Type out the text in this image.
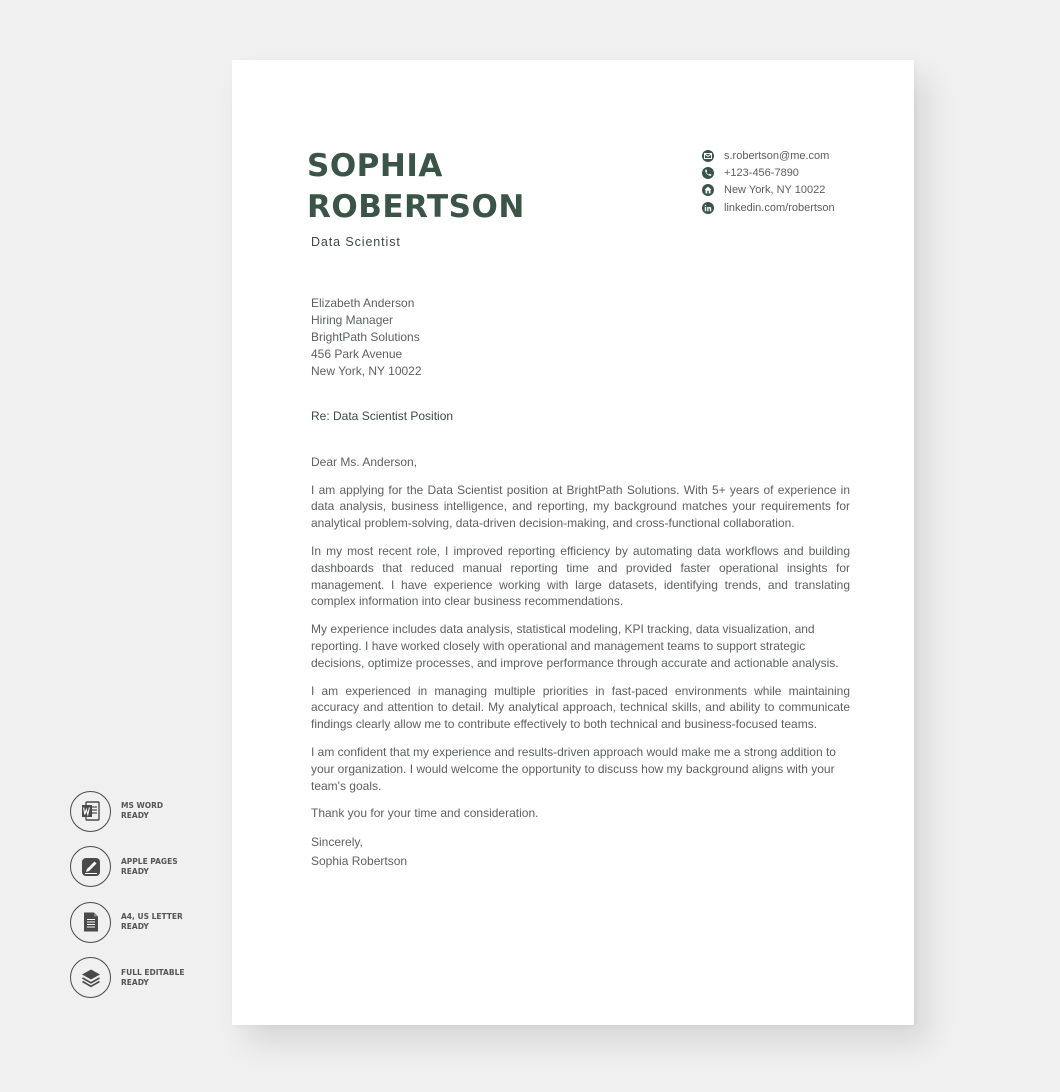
SOPHIA
ROBERTSON
Data Scientist
s.robertson@me.com
+123-456-7890
New York, NY 10022
linkedin.com/robertson
Elizabeth Anderson
Hiring Manager
BrightPath Solutions
456 Park Avenue
New York, NY 10022
Re: Data Scientist Position
Dear Ms. Anderson,
I am applying for the Data Scientist position at BrightPath Solutions. With 5+ years of experience in data analysis, business intelligence, and reporting, my background matches your requirements for analytical problem-solving, data-driven decision-making, and cross-functional collaboration.
In my most recent role, I improved reporting efficiency by automating data workflows and building dashboards that reduced manual reporting time and provided faster operational insights for management. I have experience working with large datasets, identifying trends, and translating complex information into clear business recommendations.
My experience includes data analysis, statistical modeling, KPI tracking, data visualization, and reporting. I have worked closely with operational and management teams to support strategic decisions, optimize processes, and improve performance through accurate and actionable analysis.
I am experienced in managing multiple priorities in fast-paced environments while maintaining accuracy and attention to detail. My analytical approach, technical skills, and ability to communicate findings clearly allow me to contribute effectively to both technical and business-focused teams.
I am confident that my experience and results-driven approach would make me a strong addition to your organization. I would welcome the opportunity to discuss how my background aligns with your team's goals.
Thank you for your time and consideration.
Sincerely,
Sophia Robertson
MS WORD
READY
APPLE PAGES
READY
A4, US LETTER
READY
FULL EDITABLE
READY
